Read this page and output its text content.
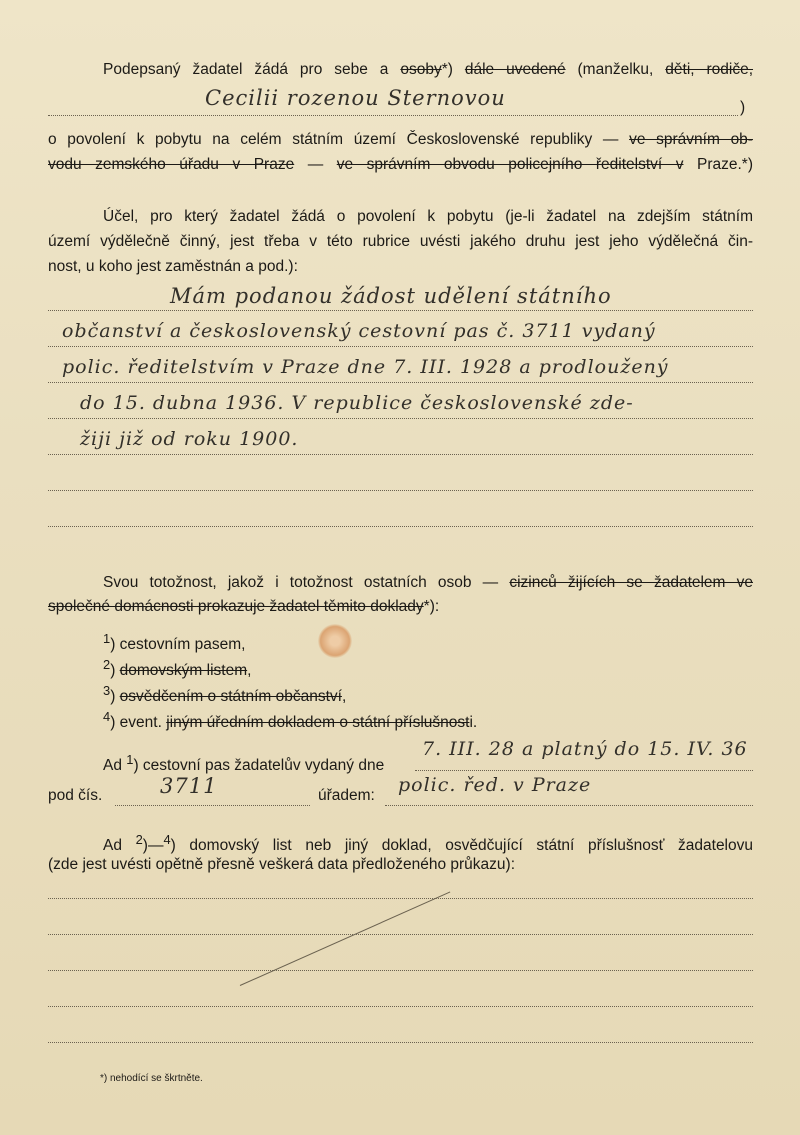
Podepsaný žadatel žádá pro sebe a osoby*) dále uvedené (manželku, děti, rodiče,
Cecilii rozenou Sternovou	)
o povolení k pobytu na celém státním území Československé republiky — ve správním ob-
vodu zemského úřadu v Praze — ve správním obvodu policejního ředitelství v Praze.*)
Účel, pro který žadatel žádá o povolení k pobytu (je-li žadatel na zdejším státním
území výdělečně činný, jest třeba v této rubrice uvésti jakého druhu jest jeho výdělečná čin-
nost, u koho jest zaměstnán a pod.):
Mám podanou žádost udělení státního
občanství a československý cestovní pas č. 3711 vydaný
polic. ředitelstvím v Praze dne 7. III. 1928 a prodloužený
do 15. dubna 1936. V republice československé zde-
žiji již od roku 1900.
Svou totožnost, jakož i totožnost ostatních osob — cizinců žijících se žadatelem ve
společné domácnosti prokazuje žadatel těmito doklady*):
$^1$) cestovním pasem,
$^2$) domovským listem,
$^3$) osvědčením o státním občanství,
$^4$) event. jiným úředním dokladem o státní příslušnosti.
Ad $^1$) cestovní pas žadatelův vydaný dne
7. III. 28 a platný do 15. IV. 36
pod čís.	3711	úřadem:	polic. řed. v Praze
Ad $^2$)—$^4$) domovský list neb jiný doklad, osvědčující státní příslušnosť žadatelovu
(zde jest uvésti opětně přesně veškerá data předloženého průkazu):
*) nehodící se škrtněte.
